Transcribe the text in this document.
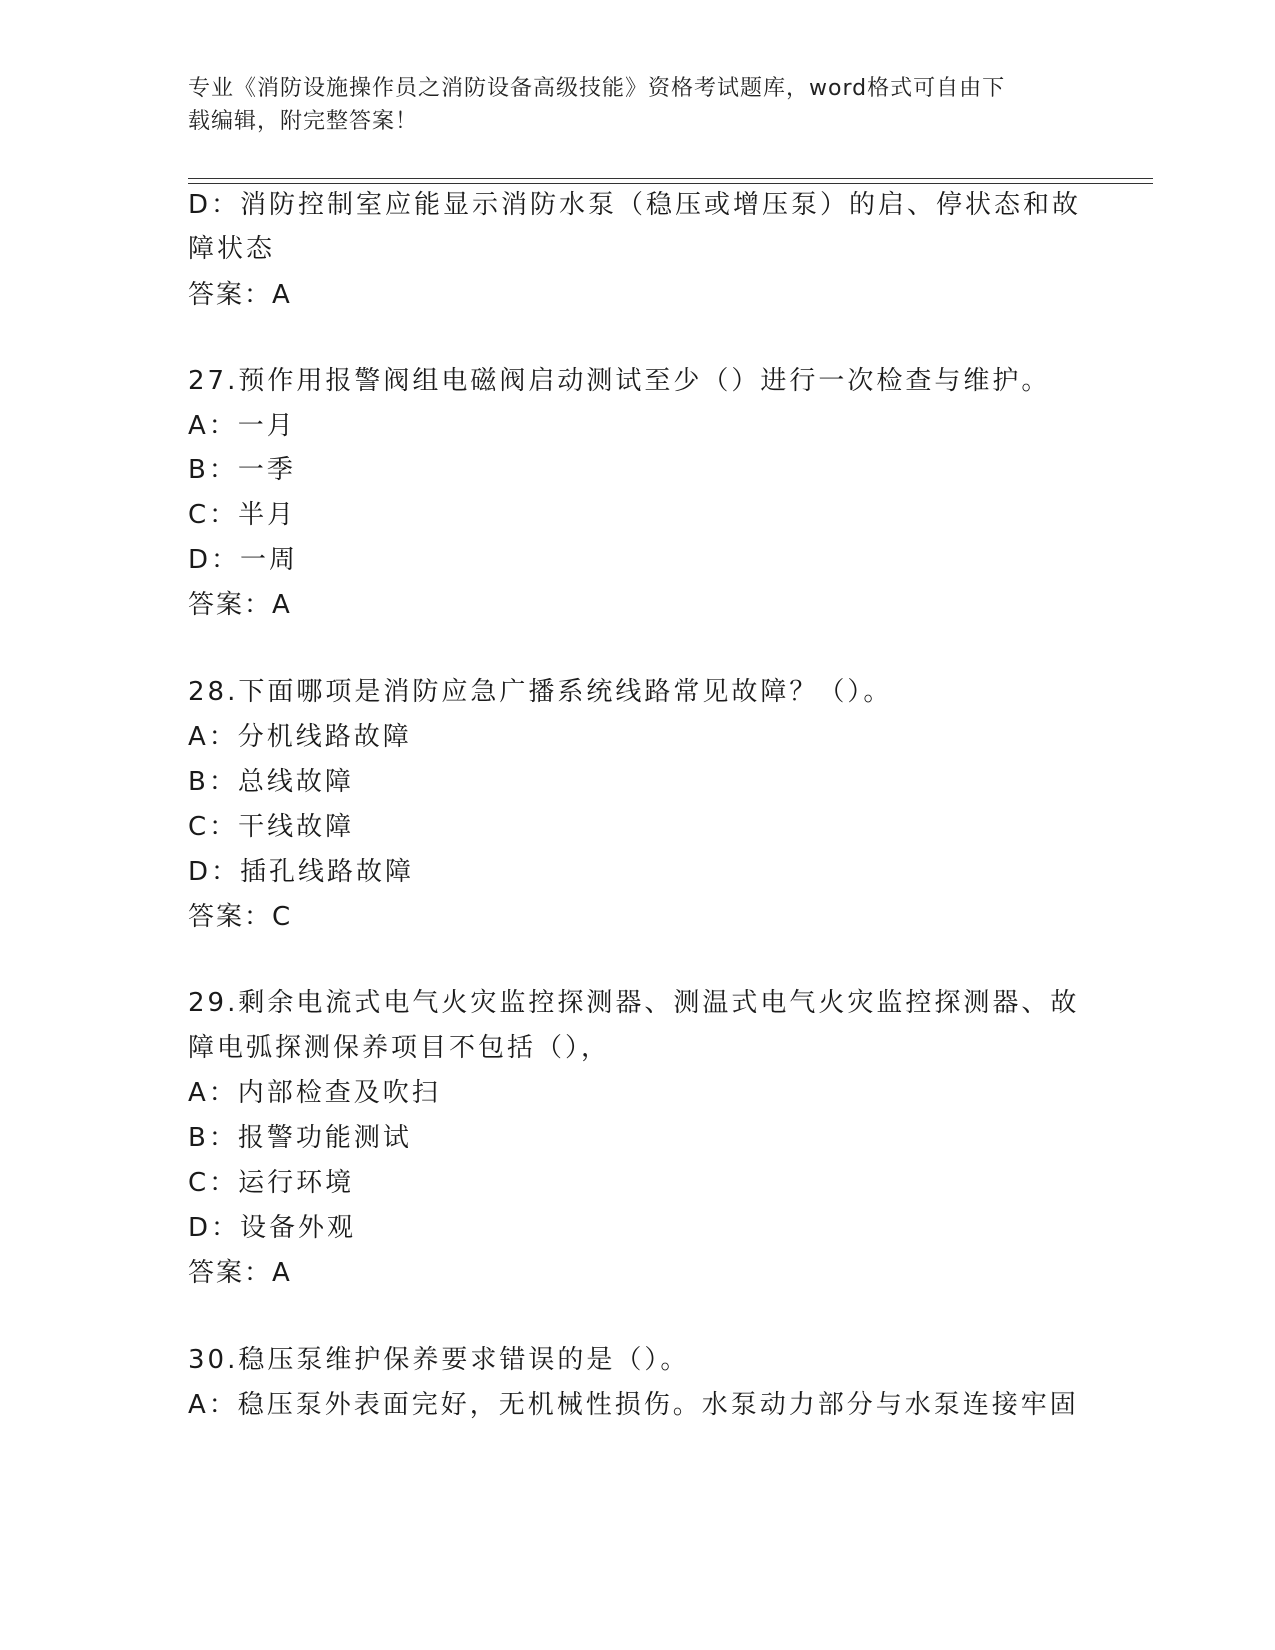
专业《消防设施操作员之消防设备高级技能》资格考试题库，word格式可自由下
载编辑，附完整答案！
D：消防控制室应能显示消防水泵（稳压或增压泵）的启、停状态和故
障状态
答案：A
27.预作用报警阀组电磁阀启动测试至少（）进行一次检查与维护。
A：一月
B：一季
C：半月
D：一周
答案：A
28.下面哪项是消防应急广播系统线路常见故障？（）。
A：分机线路故障
B：总线故障
C：干线故障
D：插孔线路故障
答案：C
29.剩余电流式电气火灾监控探测器、测温式电气火灾监控探测器、故
障电弧探测保养项目不包括（），
A：内部检查及吹扫
B：报警功能测试
C：运行环境
D：设备外观
答案：A
30.稳压泵维护保养要求错误的是（）。
A：稳压泵外表面完好，无机械性损伤。水泵动力部分与水泵连接牢固
